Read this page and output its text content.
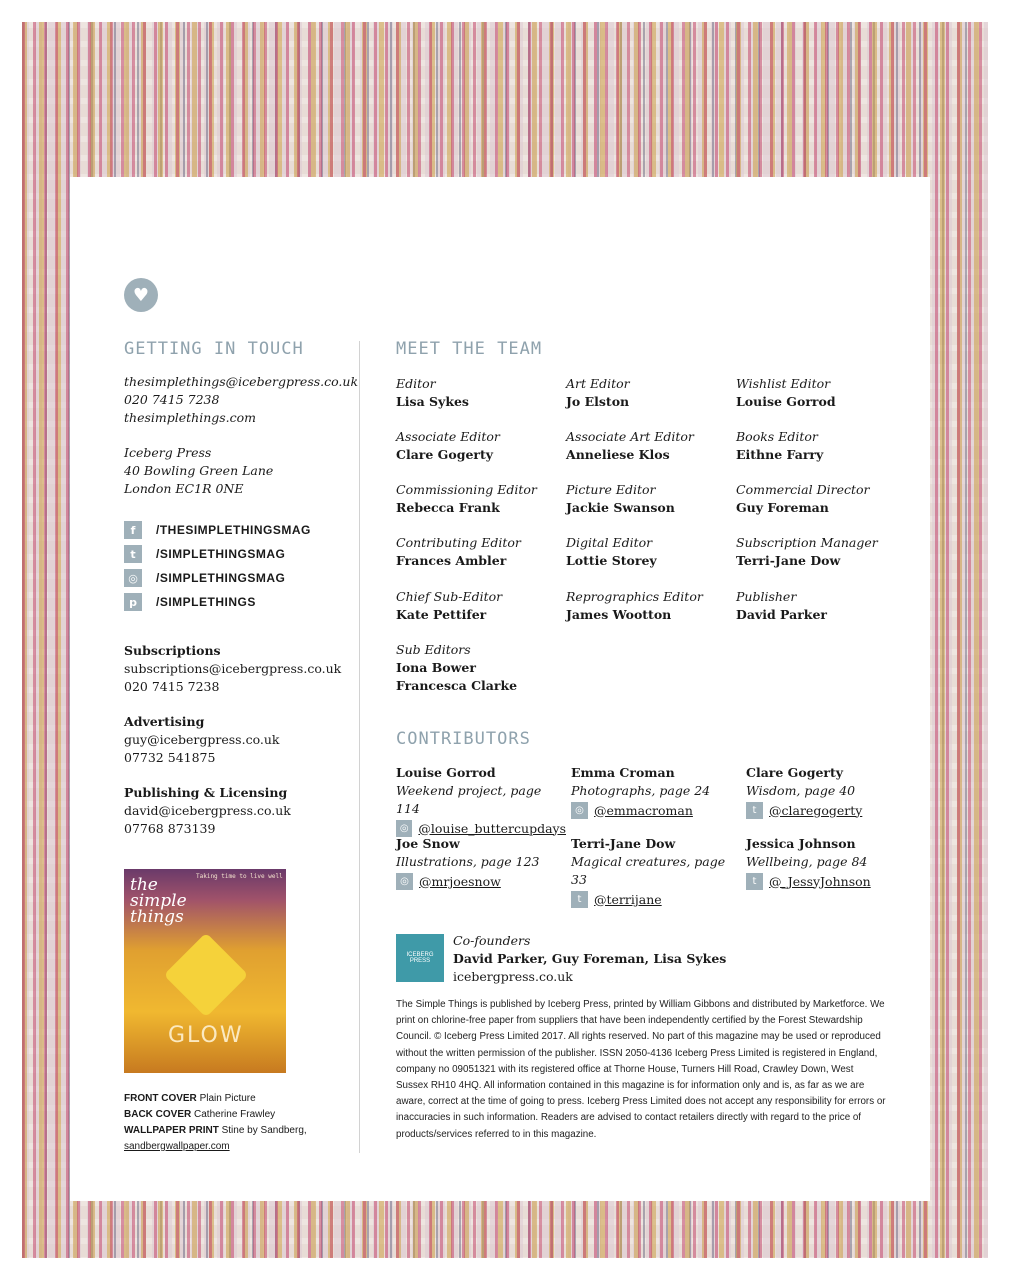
♥
GETTING IN TOUCH
thesimplethings@icebergpress.co.uk
020 7415 7238
thesimplethings.com
Iceberg Press
40 Bowling Green Lane
London EC1R 0NE
f	/THESIMPLETHINGSMAG
t	/SIMPLETHINGSMAG
◎	/SIMPLETHINGSMAG
p	/SIMPLETHINGS
Subscriptions
subscriptions@icebergpress.co.uk
020 7415 7238
Advertising
guy@icebergpress.co.uk
07732 541875
Publishing & Licensing
david@icebergpress.co.uk
07768 873139
the simple things
Taking time to live well
GLOW
FRONT COVER Plain Picture
BACK COVER Catherine Frawley
WALLPAPER PRINT Stine by Sandberg,
sandbergwallpaper.com
MEET THE TEAM
Editor
Lisa Sykes
Art Editor
Jo Elston
Wishlist Editor
Louise Gorrod
Associate Editor
Clare Gogerty
Associate Art Editor
Anneliese Klos
Books Editor
Eithne Farry
Commissioning Editor
Rebecca Frank
Picture Editor
Jackie Swanson
Commercial Director
Guy Foreman
Contributing Editor
Frances Ambler
Digital Editor
Lottie Storey
Subscription Manager
Terri-Jane Dow
Chief Sub-Editor
Kate Pettifer
Reprographics Editor
James Wootton
Publisher
David Parker
Sub Editors
Iona Bower
Francesca Clarke
CONTRIBUTORS
Louise Gorrod
Weekend project, page 114
◎ @louise_buttercupdays
Emma Croman
Photographs, page 24
◎ @emmacroman
Clare Gogerty
Wisdom, page 40
t	@claregogerty
Joe Snow
Illustrations, page 123
◎ @mrjoesnow
Terri-Jane Dow
Magical creatures, page 33
t	@terrijane
Jessica Johnson
Wellbeing, page 84
t	@_JessyJohnson
ICEBERG PRESS
Co-founders
David Parker, Guy Foreman, Lisa Sykes
icebergpress.co.uk
The Simple Things is published by Iceberg Press, printed by William Gibbons and distributed by Marketforce. We print on chlorine-free paper from suppliers that have been independently certified by the Forest Stewardship Council. © Iceberg Press Limited 2017. All rights reserved. No part of this magazine may be used or reproduced without the written permission of the publisher. ISSN 2050-4136 Iceberg Press Limited is registered in England, company no 09051321 with its registered office at Thorne House, Turners Hill Road, Crawley Down, West Sussex RH10 4HQ. All information contained in this magazine is for information only and is, as far as we are aware, correct at the time of going to press. Iceberg Press Limited does not accept any responsibility for errors or inaccuracies in such information. Readers are advised to contact retailers directly with regard to the price of products/services referred to in this magazine.
